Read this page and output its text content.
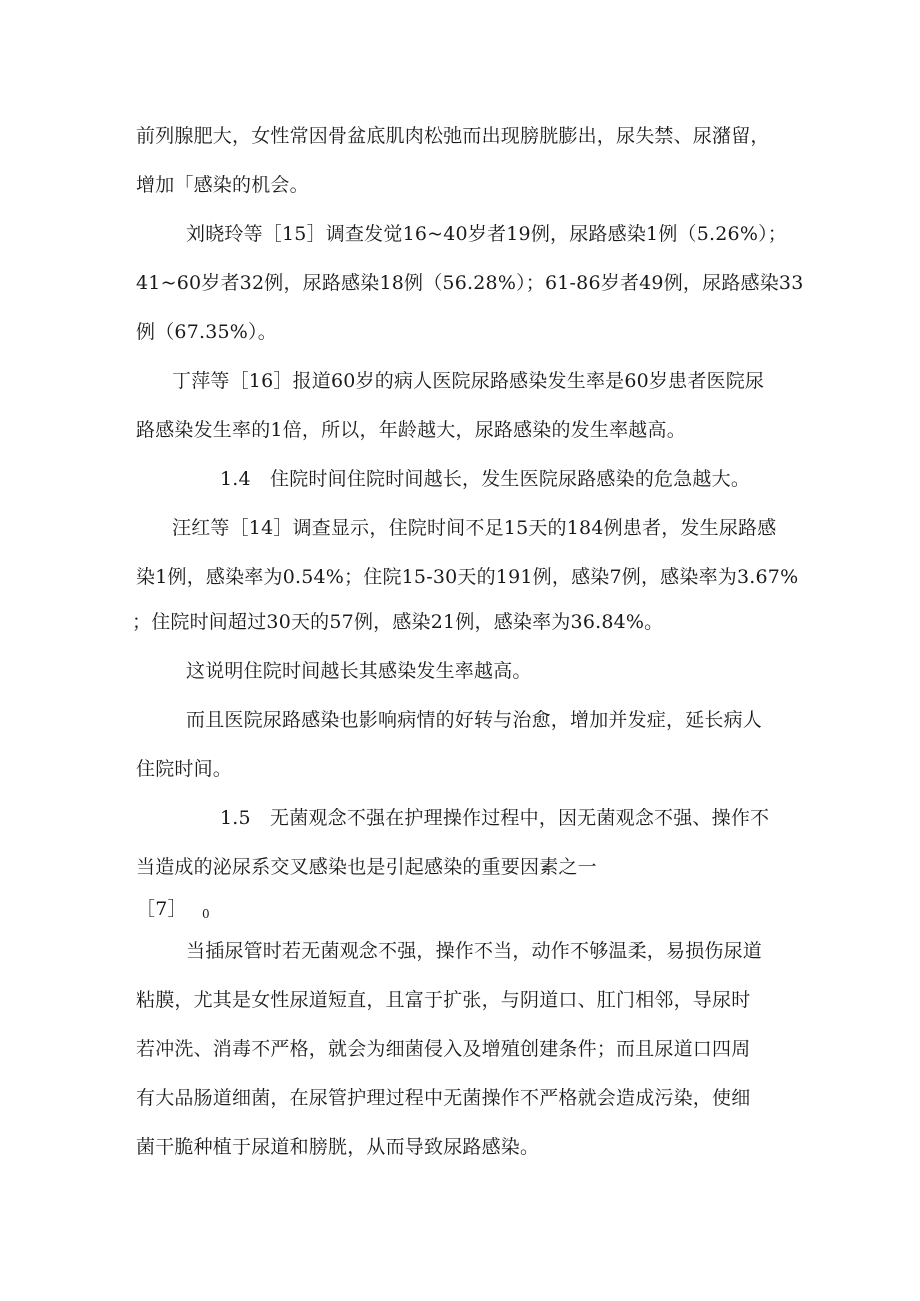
前列腺肥大，女性常因骨盆底肌肉松弛而出现膀胱膨出，尿失禁、尿潴留，
增加「感染的机会。
刘晓玲等［15］调查发觉16~40岁者19例，尿路感染1例（5.26%）；
41~60岁者32例，尿路感染18例（56.28%）；61-86岁者49例，尿路感染33
例（67.35%）。
丁萍等［16］报道60岁的病人医院尿路感染发生率是60岁患者医院尿
路感染发生率的1倍，所以，年龄越大，尿路感染的发生率越高。
1.4　住院时间住院时间越长，发生医院尿路感染的危急越大。
汪红等［14］调查显示，住院时间不足15天的184例患者，发生尿路感
染1例，感染率为0.54%；住院15-30天的191例，感染7例，感染率为3.67%
；住院时间超过30天的57例，感染21例，感染率为36.84%。
这说明住院时间越长其感染发生率越高。
而且医院尿路感染也影响病情的好转与治愈，增加并发症，延长病人
住院时间。
1.5　无菌观念不强在护理操作过程中，因无菌观念不强、操作不
当造成的泌尿系交叉感染也是引起感染的重要因素之一
［7］ 0
当插尿管时若无菌观念不强，操作不当，动作不够温柔，易损伤尿道
粘膜，尤其是女性尿道短直，且富于扩张，与阴道口、肛门相邻，导尿时
若冲洗、消毒不严格，就会为细菌侵入及增殖创建条件；而且尿道口四周
有大品肠道细菌，在尿管护理过程中无菌操作不严格就会造成污染，使细
菌干脆种植于尿道和膀胱，从而导致尿路感染。
